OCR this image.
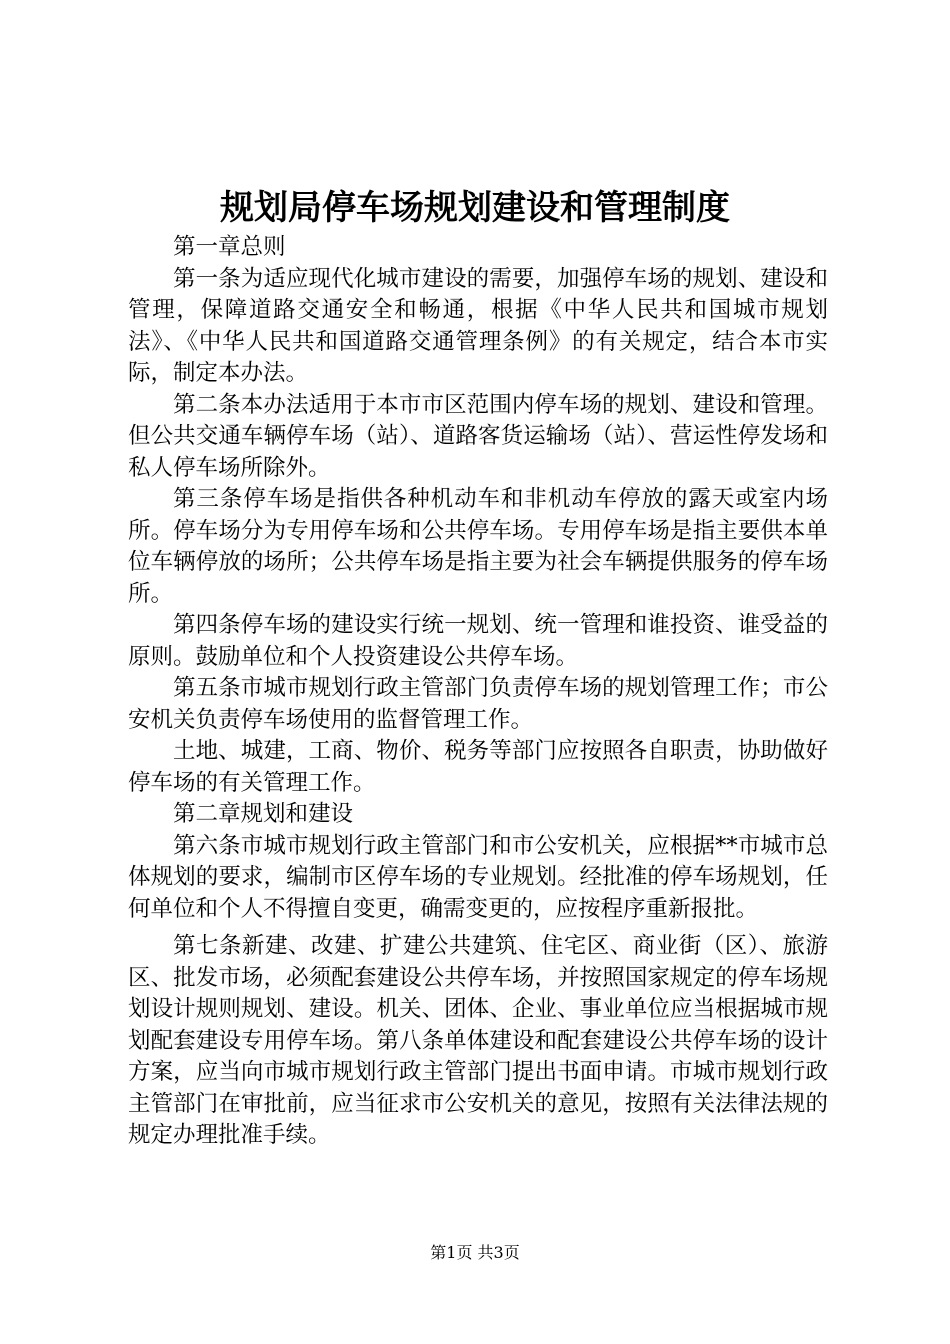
规划局停车场规划建设和管理制度

第一章总则

第一条为适应现代化城市建设的需要，加强停车场的规划、建设和管理，保障道路交通安全和畅通，根据《中华人民共和国城市规划法》、《中华人民共和国道路交通管理条例》的有关规定，结合本市实际，制定本办法。

第二条本办法适用于本市市区范围内停车场的规划、建设和管理。但公共交通车辆停车场（站）、道路客货运输场（站）、营运性停发场和私人停车场所除外。

第三条停车场是指供各种机动车和非机动车停放的露天或室内场所。停车场分为专用停车场和公共停车场。专用停车场是指主要供本单位车辆停放的场所；公共停车场是指主要为社会车辆提供服务的停车场所。

第四条停车场的建设实行统一规划、统一管理和谁投资、谁受益的原则。鼓励单位和个人投资建设公共停车场。

第五条市城市规划行政主管部门负责停车场的规划管理工作；市公安机关负责停车场使用的监督管理工作。

土地、城建，工商、物价、税务等部门应按照各自职责，协助做好停车场的有关管理工作。

第二章规划和建设

第六条市城市规划行政主管部门和市公安机关，应根据**市城市总体规划的要求，编制市区停车场的专业规划。经批准的停车场规划，任何单位和个人不得擅自变更，确需变更的，应按程序重新报批。

第七条新建、改建、扩建公共建筑、住宅区、商业街（区）、旅游区、批发市场，必须配套建设公共停车场，并按照国家规定的停车场规划设计规则规划、建设。机关、团体、企业、事业单位应当根据城市规划配套建设专用停车场。第八条单体建设和配套建设公共停车场的设计方案，应当向市城市规划行政主管部门提出书面申请。市城市规划行政主管部门在审批前，应当征求市公安机关的意见，按照有关法律法规的规定办理批准手续。

第1页 共3页
